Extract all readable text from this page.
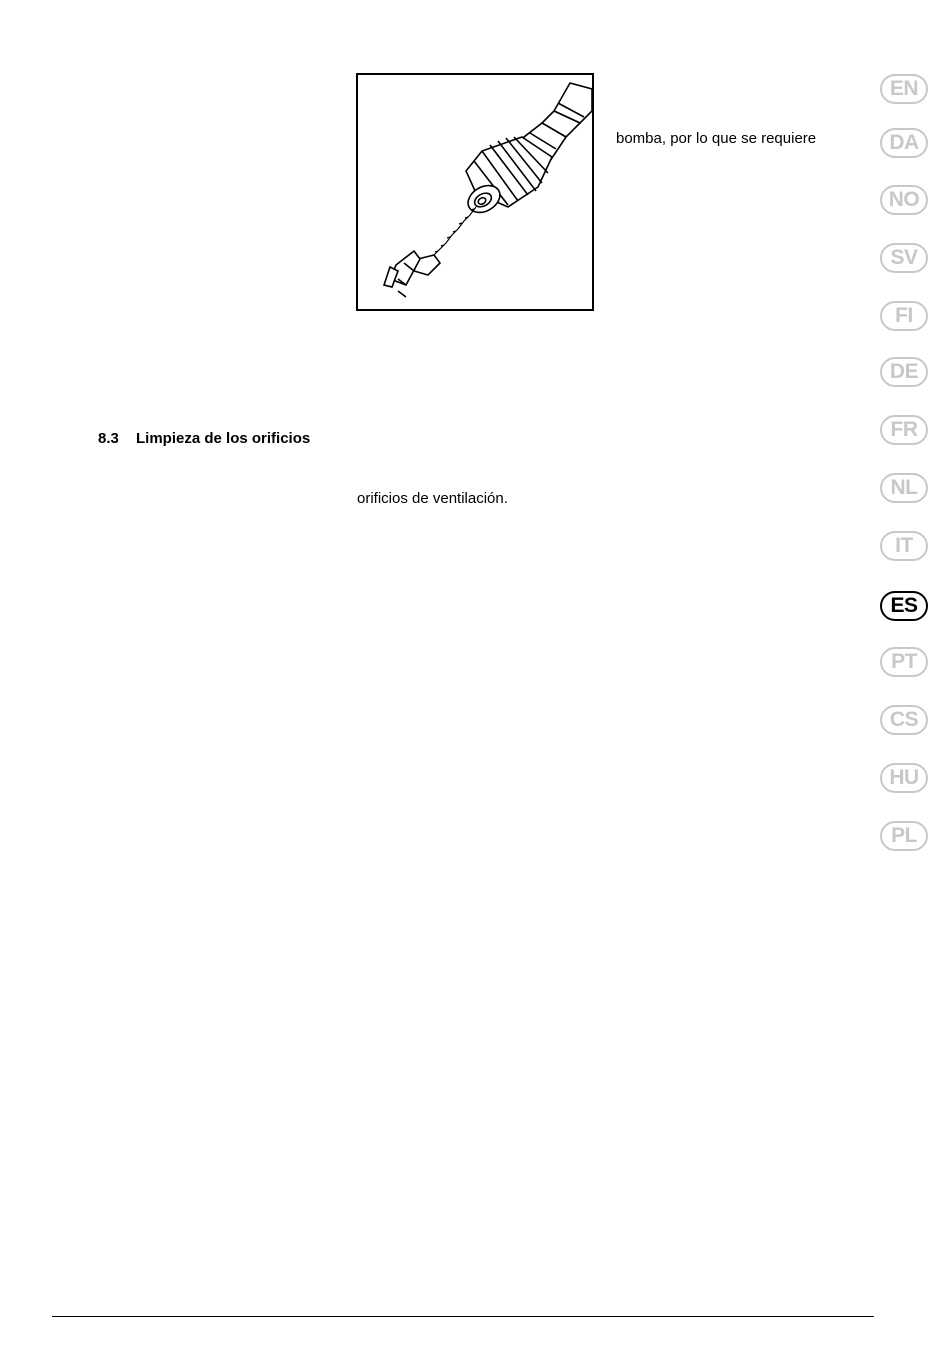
bomba, por lo que se requiere
8.3 Limpieza de los orificios
orificios de ventilación.
EN
DA
NO
SV
FI
DE
FR
NL
IT
ES
PT
CS
HU
PL
